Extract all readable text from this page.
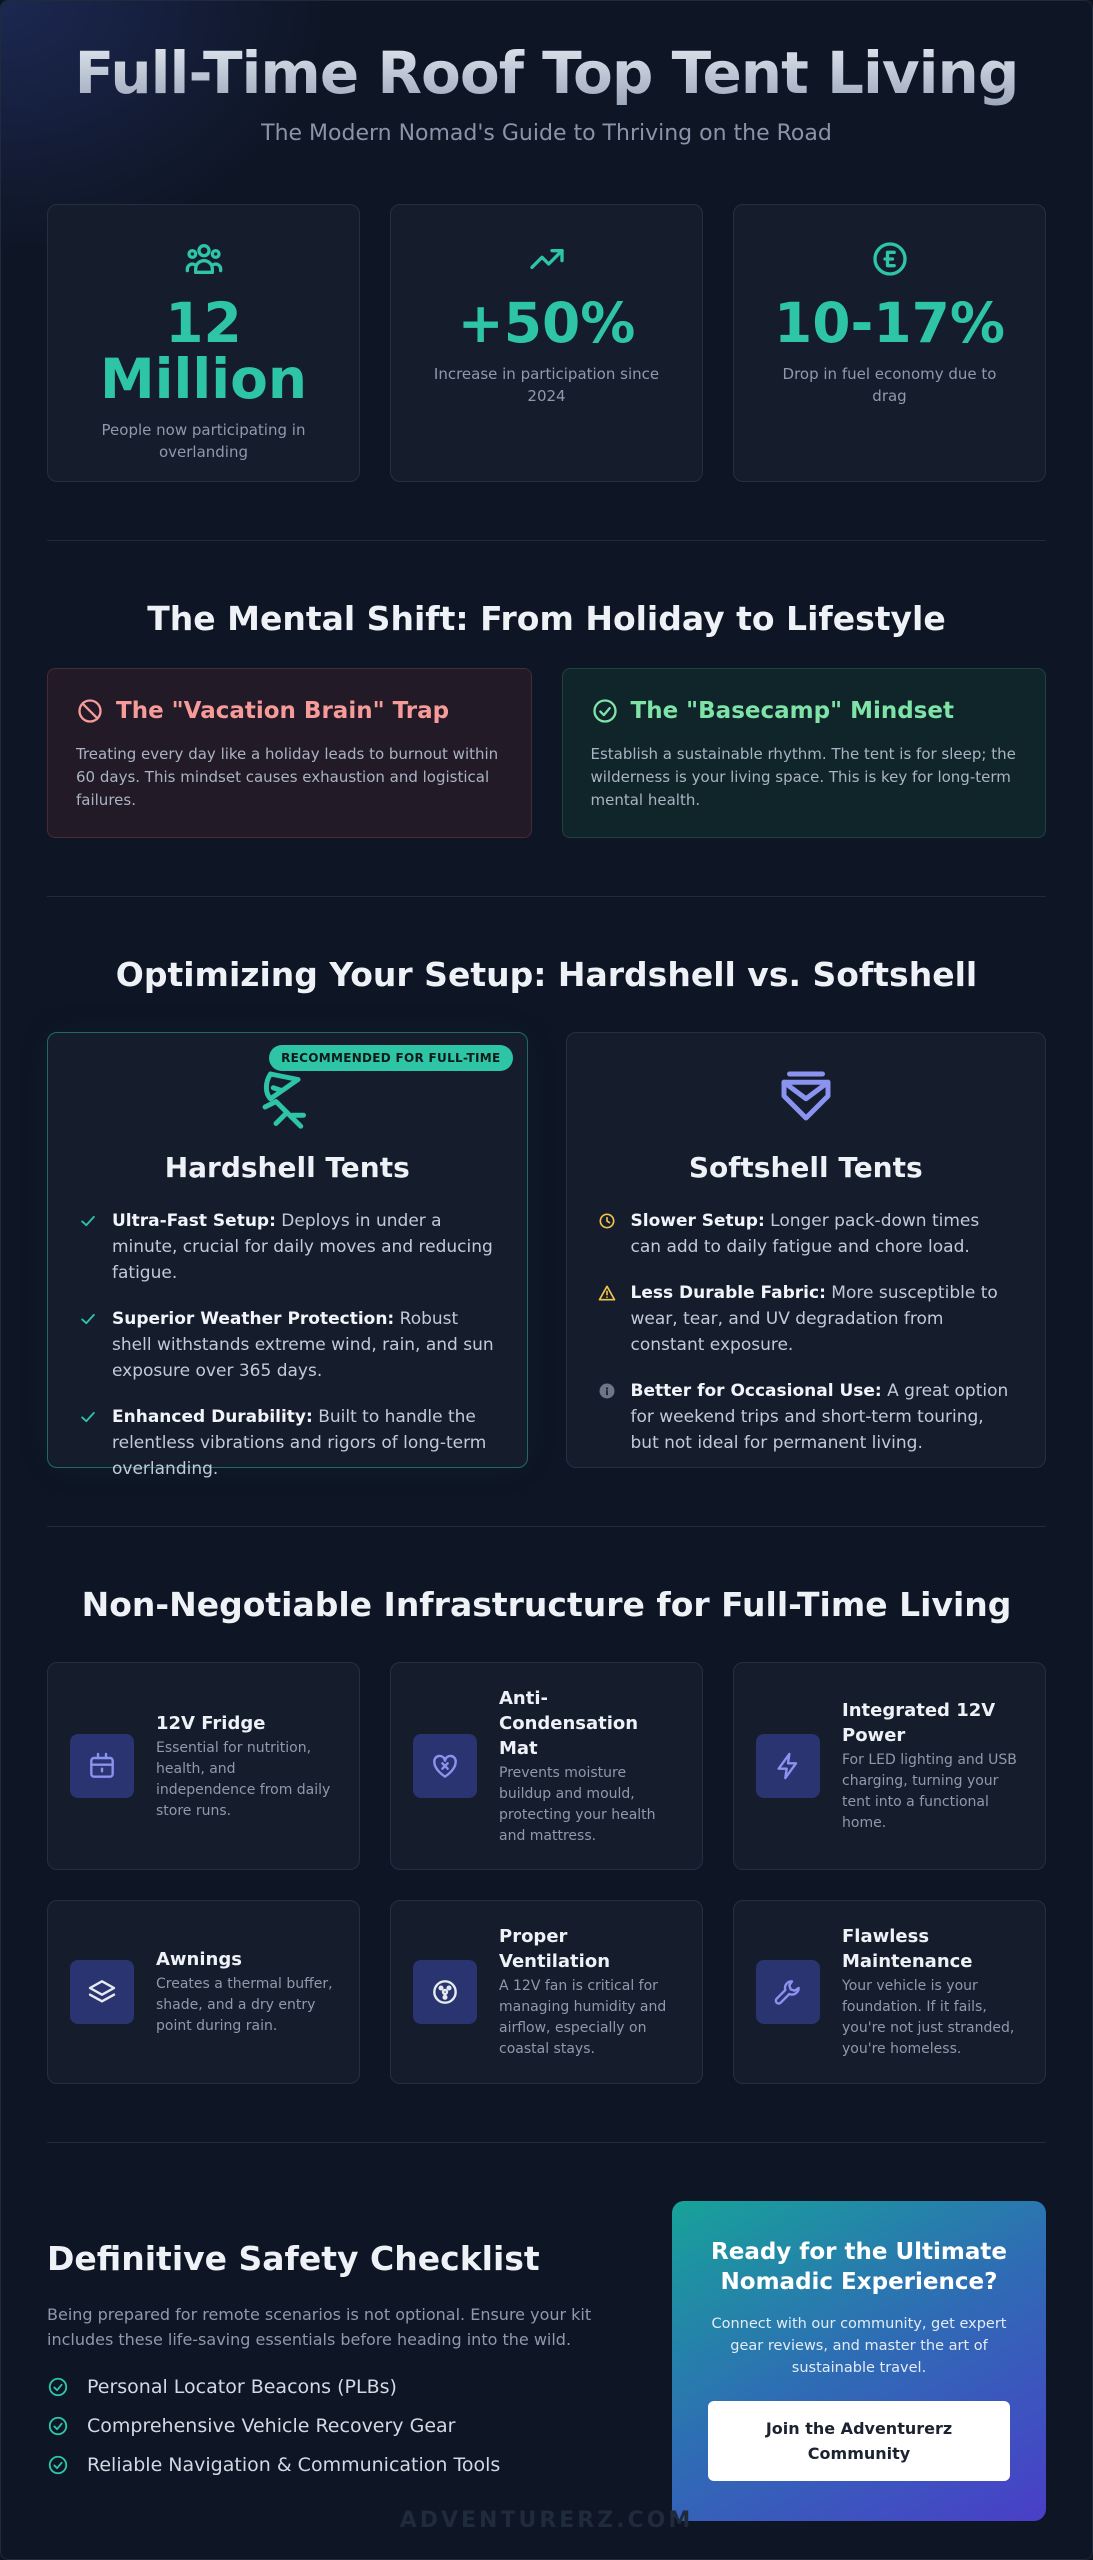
Full-Time Roof Top Tent Living

The Modern Nomad's Guide to Thriving on the Road

12
Million
People now participating in overlanding
+50%
Increase in participation since 2024
10-17%
Drop in fuel economy due to drag
The Mental Shift: From Holiday to Lifestyle
The "Vacation Brain" Trap

Treating every day like a holiday leads to burnout within 60 days. This mindset causes exhaustion and logistical failures.

The "Basecamp" Mindset

Establish a sustainable rhythm. The tent is for sleep; the wilderness is your living space. This is key for long-term mental health.

Optimizing Your Setup: Hardshell vs. Softshell
RECOMMENDED FOR FULL-TIME
Hardshell Tents
Ultra-Fast Setup: Deploys in under a minute, crucial for daily moves and reducing fatigue.
Superior Weather Protection: Robust shell withstands extreme wind, rain, and sun exposure over 365 days.
Enhanced Durability: Built to handle the relentless vibrations and rigors of long-term overlanding.
Softshell Tents
Slower Setup: Longer pack-down times can add to daily fatigue and chore load.
Less Durable Fabric: More susceptible to wear, tear, and UV degradation from constant exposure.
Better for Occasional Use: A great option for weekend trips and short-term touring, but not ideal for permanent living.
Non-Negotiable Infrastructure for Full-Time Living
12V Fridge

Essential for nutrition, health, and independence from daily store runs.

Anti-Condensation Mat

Prevents moisture buildup and mould, protecting your health and mattress.

Integrated 12V Power

For LED lighting and USB charging, turning your tent into a functional home.

Awnings

Creates a thermal buffer, shade, and a dry entry point during rain.

Proper Ventilation

A 12V fan is critical for managing humidity and airflow, especially on coastal stays.

Flawless Maintenance

Your vehicle is your foundation. If it fails, you're not just stranded, you're homeless.

Definitive Safety Checklist

Being prepared for remote scenarios is not optional. Ensure your kit includes these life-saving essentials before heading into the wild.

Personal Locator Beacons (PLBs)
Comprehensive Vehicle Recovery Gear
Reliable Navigation & Communication Tools
Ready for the Ultimate Nomadic Experience?

Connect with our community, get expert gear reviews, and master the art of sustainable travel.

Join the Adventurerz Community
ADVENTURERZ.COM
